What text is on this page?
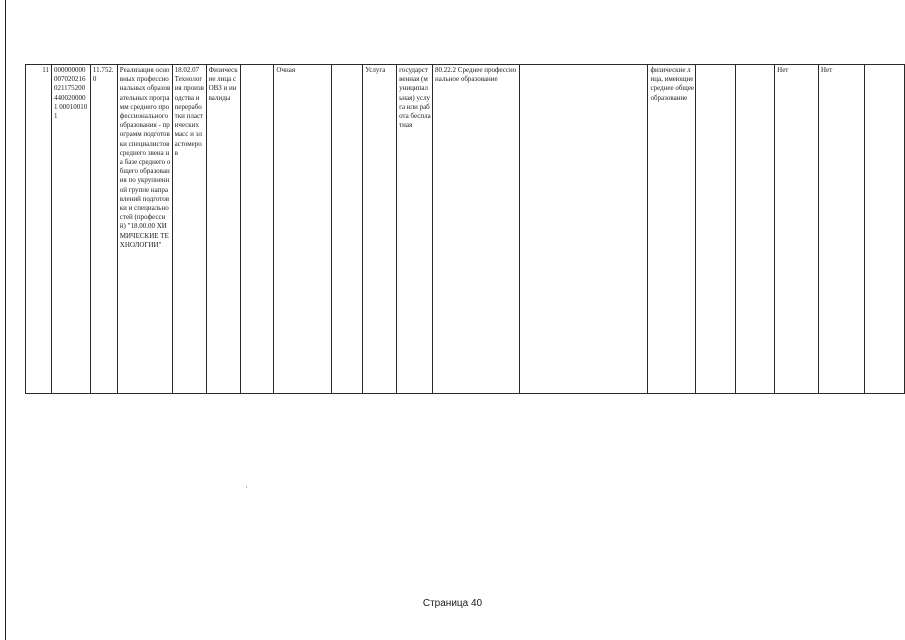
11	000000000007020216 021175200 4400200001 000100101	11.752.0	Реализация основных профессиональных образовательных программ среднего профессионального образования - программ подготовки специалистов среднего звена на базе среднего общего образования по укрупненной группе направлений подготовки и специальностей (профессий) "18.00.00 ХИМИЧЕСКИЕ ТЕХНОЛОГИИ"	18.02.07 Технология производства и переработки пластических масс и эластомеров	Физические лица с ОВЗ и инвалиды		Очная		Услуга	государственная (муниципальная) услуга или работа бесплатная	80.22.2 Среднее профессиональное образование		физические лица, имеющие среднее общее образование			Нет	Нет	
Страница 40
